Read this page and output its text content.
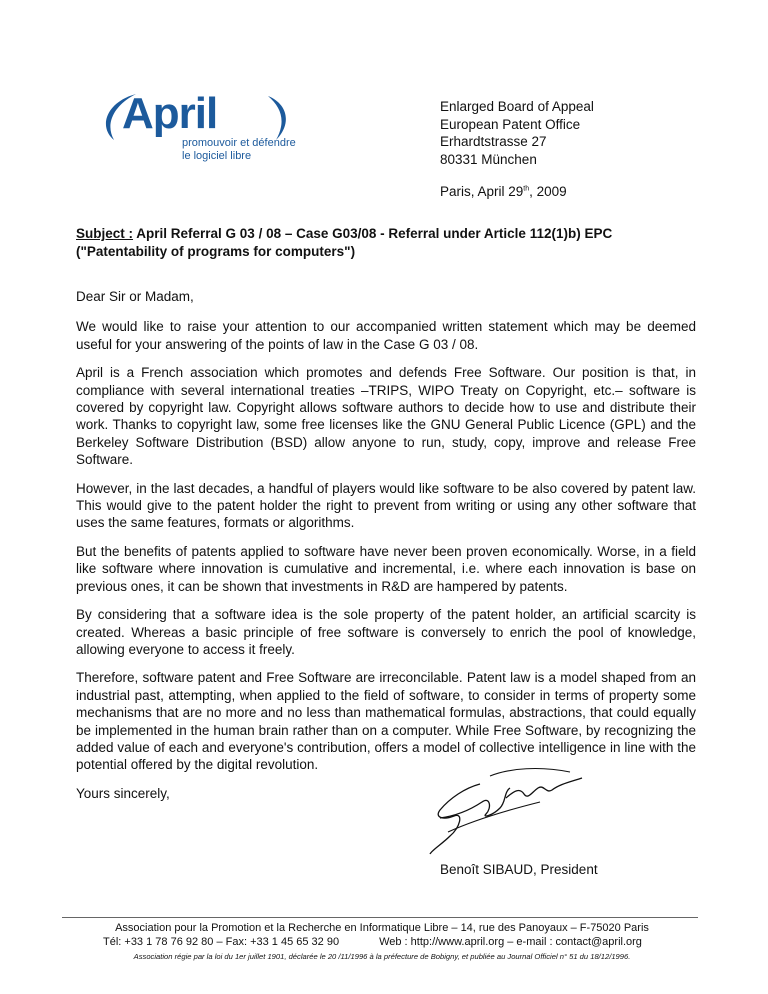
April
promouvoir et défendre
le logiciel libre
Enlarged Board of Appeal
European Patent Office
Erhardtstrasse 27
80331 München
Paris, April 29th, 2009
Subject : April Referral G 03 / 08 – Case G03/08 - Referral under Article 112(1)b) EPC ("Patentability of programs for computers")

Dear Sir or Madam,

We would like to raise your attention to our accompanied written statement which may be deemed useful for your answering of the points of law in the Case G 03 / 08.

April is a French association which promotes and defends Free Software. Our position is that, in compliance with several international treaties –TRIPS, WIPO Treaty on Copyright, etc.– software is covered by copyright law. Copyright allows software authors to decide how to use and distribute their work. Thanks to copyright law, some free licenses like the GNU General Public Licence (GPL) and the Berkeley Software Distribution (BSD) allow anyone to run, study, copy, improve and release Free Software.

However, in the last decades, a handful of players would like software to be also covered by patent law. This would give to the patent holder the right to prevent from writing or using any other software that uses the same features, formats or algorithms.

But the benefits of patents applied to software have never been proven economically. Worse, in a field like software where innovation is cumulative and incremental, i.e. where each innovation is base on previous ones, it can be shown that investments in R&D are hampered by patents.

By considering that a software idea is the sole property of the patent holder, an artificial scarcity is created. Whereas a basic principle of free software is conversely to enrich the pool of knowledge, allowing everyone to access it freely.

Therefore, software patent and Free Software are irreconcilable. Patent law is a model shaped from an industrial past, attempting, when applied to the field of software, to consider in terms of property some mechanisms that are no more and no less than mathematical formulas, abstractions, that could equally be implemented in the human brain rather than on a computer. While Free Software, by recognizing the added value of each and everyone's contribution, offers a model of collective intelligence in line with the potential offered by the digital revolution.

Yours sincerely,

Benoît SIBAUD, President
Association pour la Promotion et la Recherche en Informatique Libre – 14, rue des Panoyaux – F-75020 Paris
Tél: +33 1 78 76 92 80 – Fax: +33 1 45 65 32 90	Web : http://www.april.org – e-mail : contact@april.org
Association régie par la loi du 1er juillet 1901, déclarée le 20 /11/1996 à la préfecture de Bobigny, et publiée au Journal Officiel n° 51 du 18/12/1996.
